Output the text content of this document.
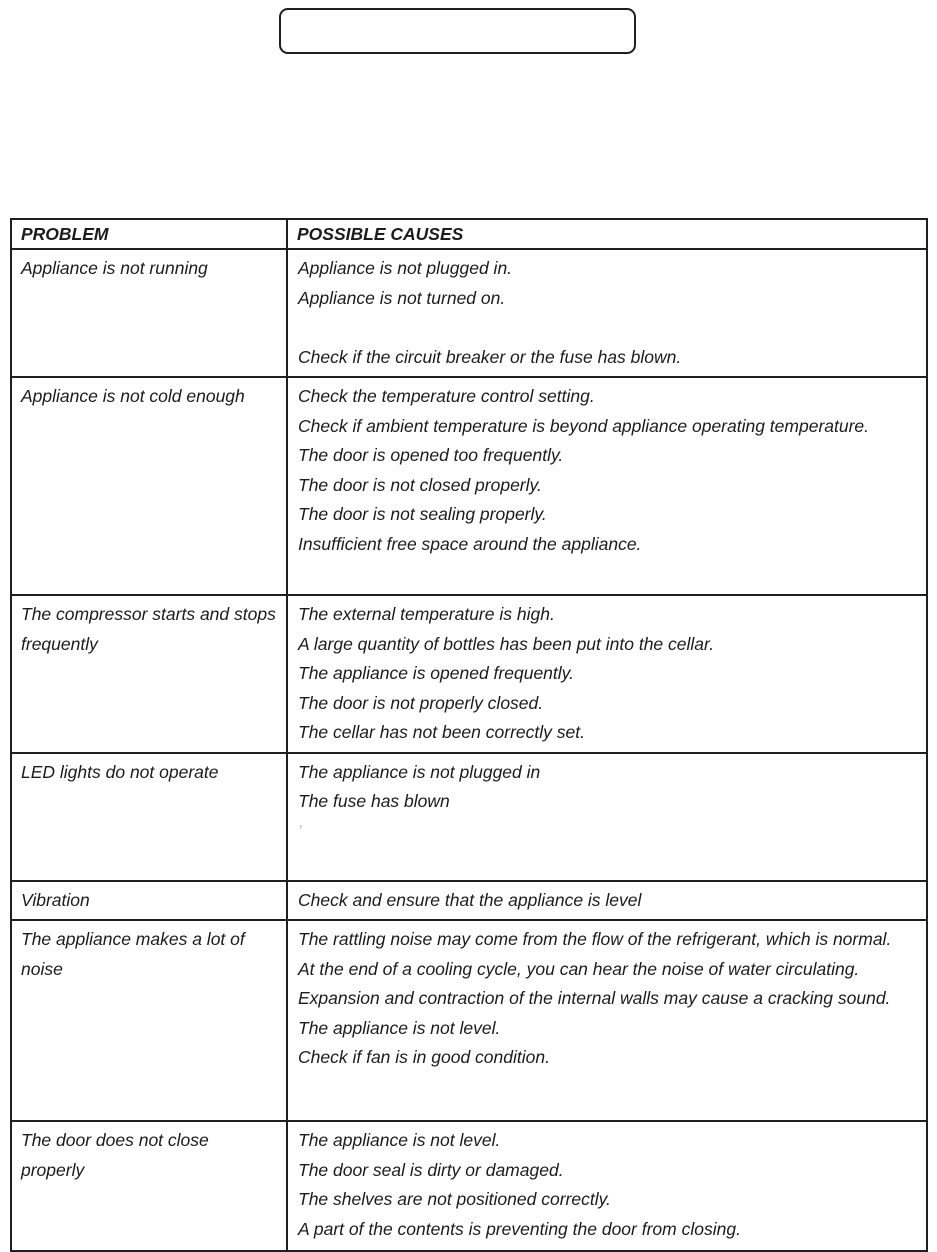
PROBLEM	POSSIBLE CAUSES
Appliance is not running	Appliance is not plugged in.

Appliance is not turned on.

Check if the circuit breaker or the fuse has blown.

Appliance is not cold enough	Check the temperature control setting.

Check if ambient temperature is beyond appliance operating temperature.

The door is opened too frequently.

The door is not closed properly.

The door is not sealing properly.

Insufficient free space around the appliance.

The compressor starts and stops frequently	The external temperature is high.

A large quantity of bottles has been put into the cellar.

The appliance is opened frequently.

The door is not properly closed.

The cellar has not been correctly set.

LED lights do not operate	The appliance is not plugged in

The fuse has blown

'

Vibration	Check and ensure that the appliance is level

The appliance makes a lot of noise	The rattling noise may come from the flow of the refrigerant, which is normal.

At the end of a cooling cycle, you can hear the noise of water circulating.

Expansion and contraction of the internal walls may cause a cracking sound.

The appliance is not level.

Check if fan is in good condition.

The door does not close properly	The appliance is not level.

The door seal is dirty or damaged.

The shelves are not positioned correctly.

A part of the contents is preventing the door from closing.
